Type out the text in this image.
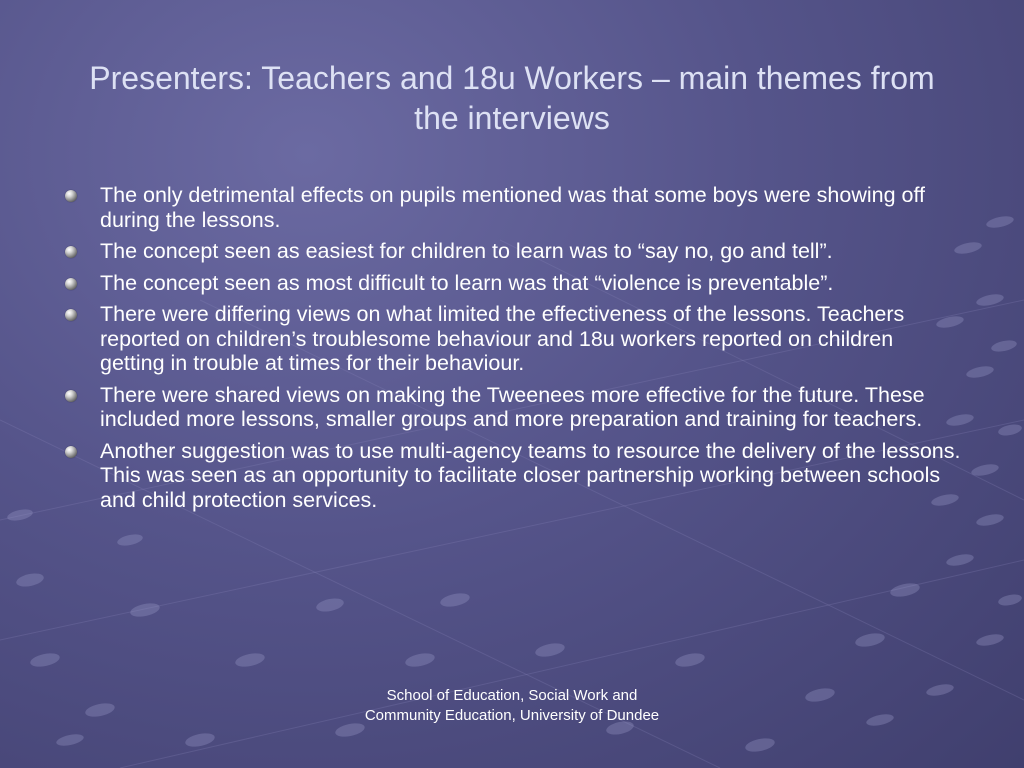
Presenters: Teachers and 18u Workers – main themes from the interviews
The only detrimental effects on pupils mentioned was that some boys were showing off during the lessons.
The concept seen as easiest for children to learn was to “say no, go and tell”.
The concept seen as most difficult to learn was that “violence is preventable”.
There were differing views on what limited the effectiveness of the lessons. Teachers reported on children’s troublesome behaviour and 18u workers reported on children getting in trouble at times for their behaviour.
There were shared views on making the Tweenees more effective for the future. These included more lessons, smaller groups and more preparation and training for teachers.
Another suggestion was to use multi-agency teams to resource the delivery of the lessons. This was seen as an opportunity to facilitate closer partnership working between schools and child protection services.
School of Education, Social Work and Community Education, University of Dundee
